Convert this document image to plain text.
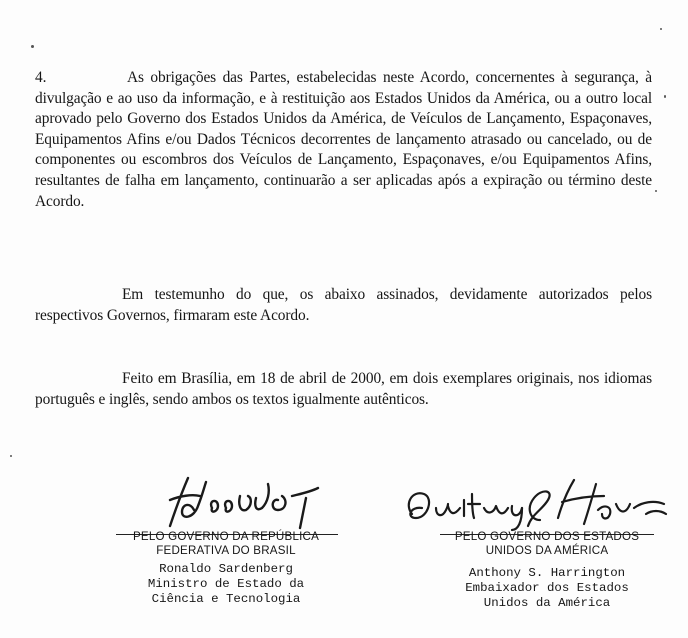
4.	As obrigações das Partes, estabelecidas neste Acordo, concernentes à segurança, à divulgação e ao uso da informação, e à restituição aos Estados Unidos da América, ou a outro local aprovado pelo Governo dos Estados Unidos da América, de Veículos de Lançamento, Espaçonaves, Equipamentos Afins e/ou Dados Técnicos decorrentes de lançamento atrasado ou cancelado, ou de componentes ou escombros dos Veículos de Lançamento, Espaçonaves, e/ou Equipamentos Afins, resultantes de falha em lançamento, continuarão a ser aplicadas após a expiração ou término deste Acordo.
Em testemunho do que, os abaixo assinados, devidamente autorizados pelos respectivos Governos, firmaram este Acordo.
Feito em Brasília, em 18 de abril de 2000, em dois exemplares originais, nos idiomas português e inglês, sendo ambos os textos igualmente autênticos.
PELO GOVERNO DA REPÚBLICA
FEDERATIVA DO BRASIL
Ronaldo Sardenberg
Ministro de Estado da
Ciência e Tecnologia
PELO GOVERNO DOS ESTADOS
UNIDOS DA AMÉRICA
Anthony S. Harrington
Embaixador dos Estados
Unidos da América
